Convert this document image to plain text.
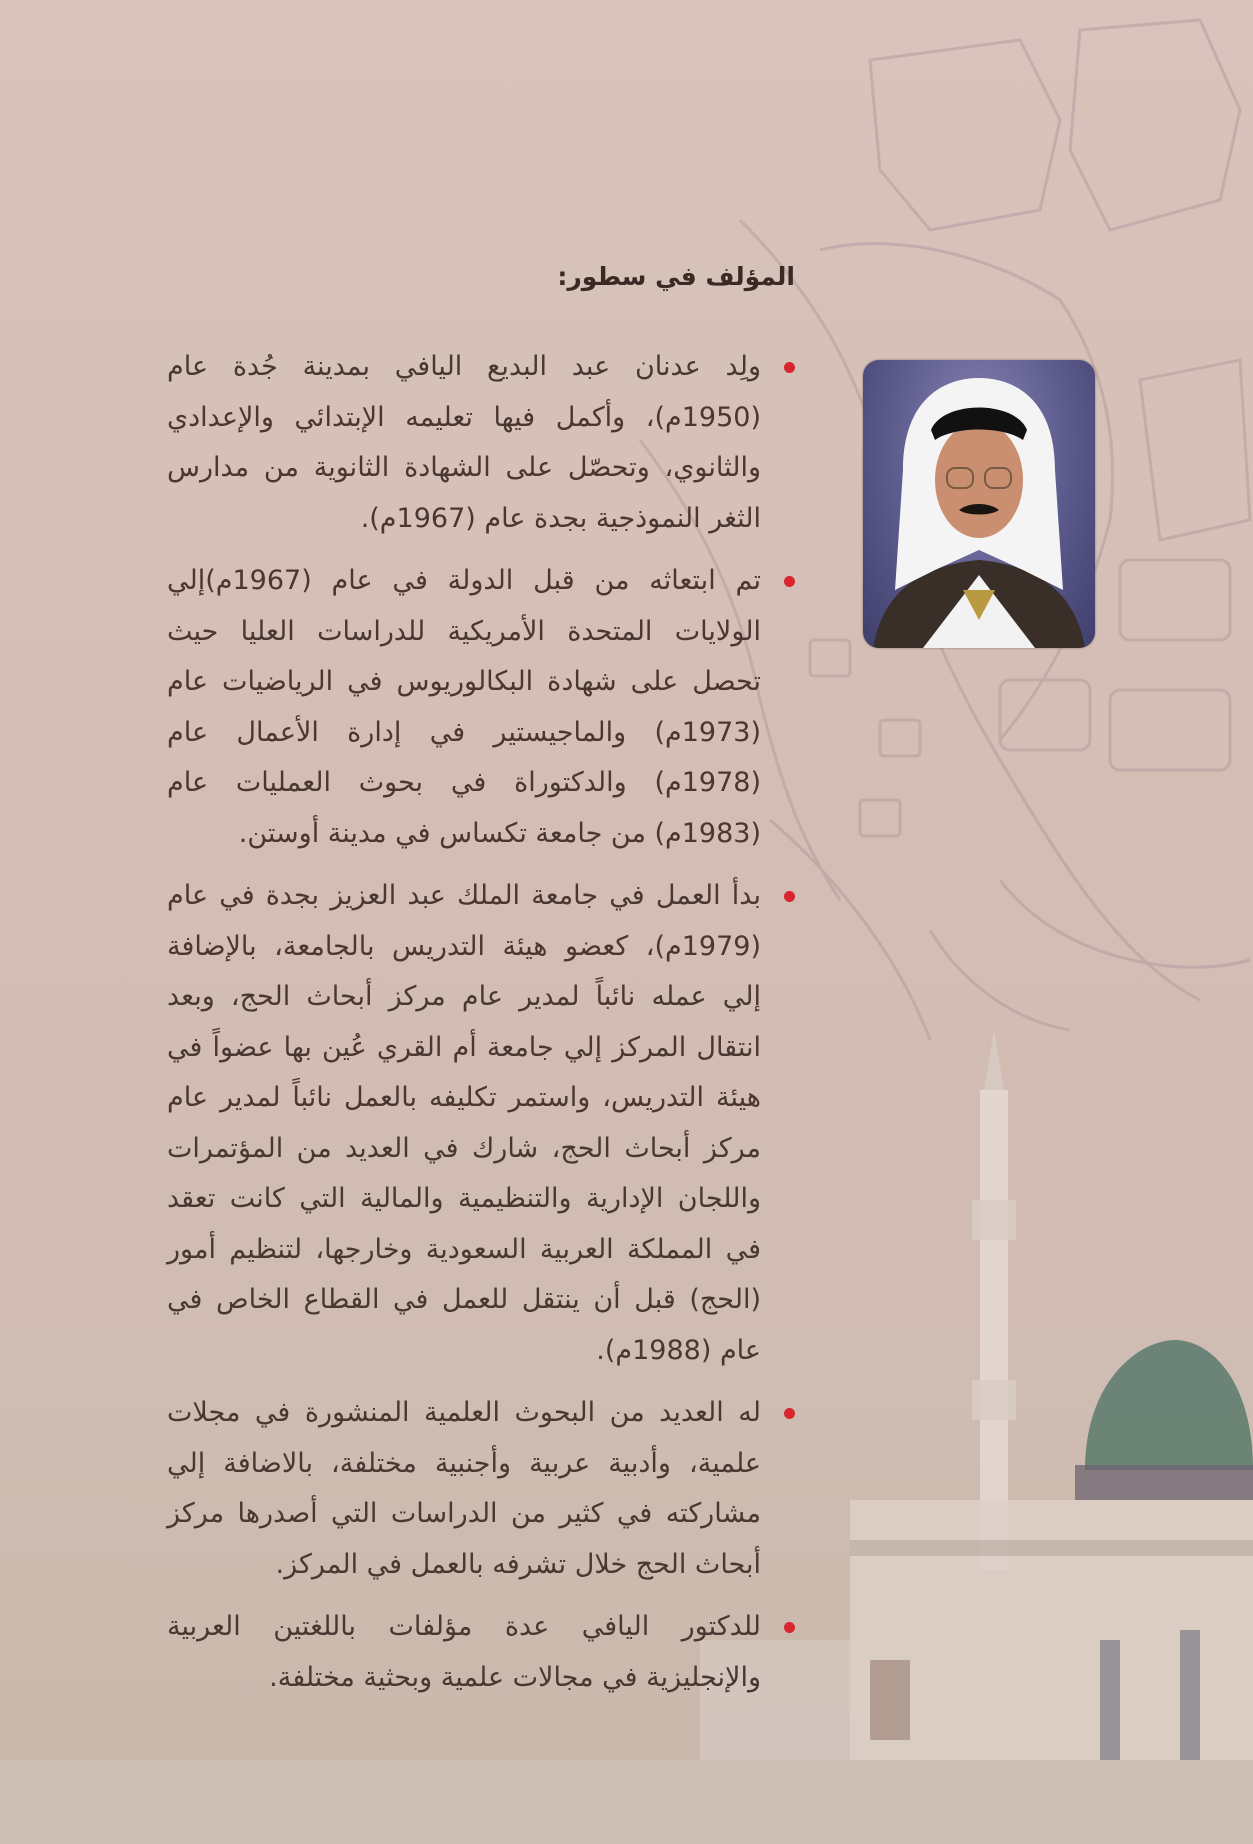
المؤلف في سطور:

ولِد عدنان عبد البديع اليافي بمدينة جُدة عام (1950م)، وأكمل فيها تعليمه الإبتدائي والإعدادي والثانوي، وتحصّل على الشهادة الثانوية من مدارس الثغر النموذجية بجدة عام (1967م).

تم ابتعاثه من قبل الدولة في عام (1967م)إلي الولايات المتحدة الأمريكية للدراسات العليا حيث تحصل على شهادة البكالوريوس في الرياضيات عام (1973م) والماجيستير في إدارة الأعمال عام (1978م) والدكتوراة في بحوث العمليات عام (1983م) من جامعة تكساس في مدينة أوستن.

بدأ العمل في جامعة الملك عبد العزيز بجدة في عام (1979م)، كعضو هيئة التدريس بالجامعة، بالإضافة إلي عمله نائباً لمدير عام مركز أبحاث الحج، وبعد انتقال المركز إلي جامعة أم القري عُين بها عضواً في هيئة التدريس، واستمر تكليفه بالعمل نائباً لمدير عام مركز أبحاث الحج، شارك في العديد من المؤتمرات واللجان الإدارية والتنظيمية والمالية التي كانت تعقد في المملكة العربية السعودية وخارجها، لتنظيم أمور (الحج) قبل أن ينتقل للعمل في القطاع الخاص في عام (1988م).

له العديد من البحوث العلمية المنشورة في مجلات علمية، وأدبية عربية وأجنبية مختلفة، بالاضافة إلي مشاركته في كثير من الدراسات التي أصدرها مركز أبحاث الحج خلال تشرفه بالعمل في المركز.

للدكتور اليافي عدة مؤلفات باللغتين العربية والإنجليزية في مجالات علمية وبحثية مختلفة.
